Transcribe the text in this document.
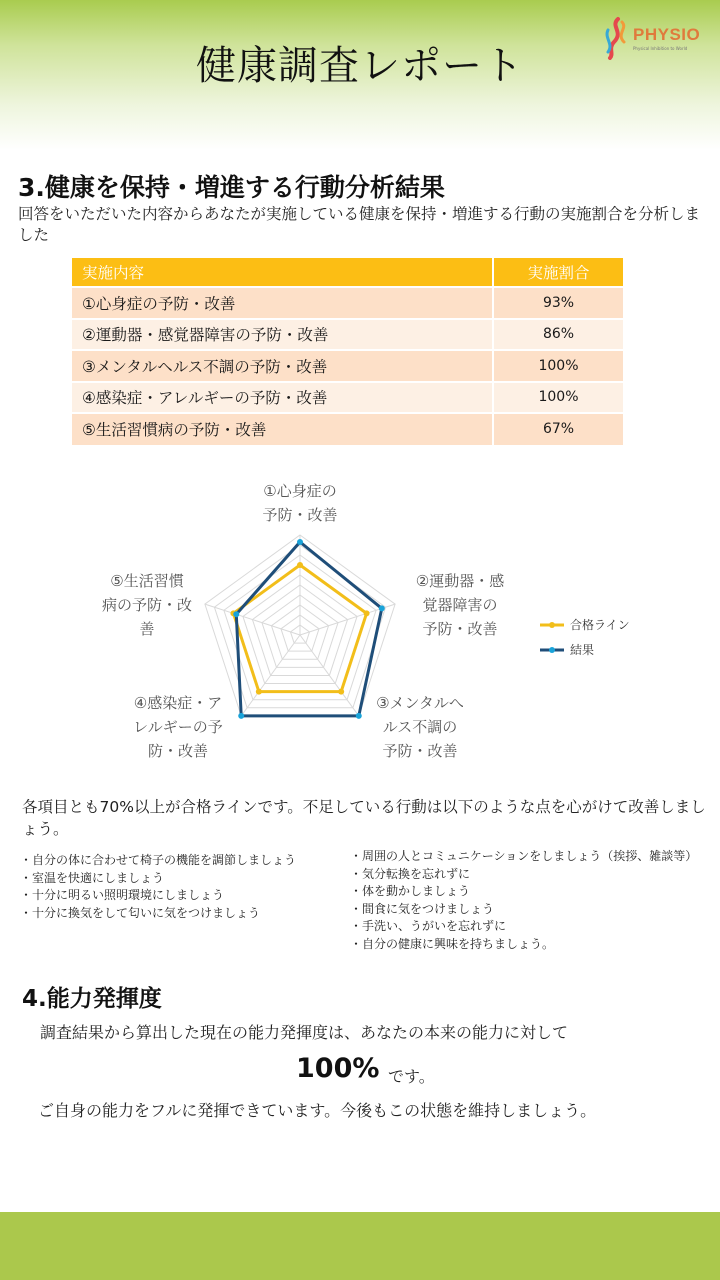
健康調査レポート
PHYSIO
Physical Inhibition to World
3.健康を保持・増進する行動分析結果

回答をいただいた内容からあなたが実施している健康を保持・増進する行動の実施割合を分析しました

実施内容	実施割合
①心身症の予防・改善	93%
②運動器・感覚器障害の予防・改善	86%
③メンタルヘルス不調の予防・改善	100%
④感染症・アレルギーの予防・改善	100%
⑤生活習慣病の予防・改善	67%
①心身症の予防・改善
②運動器・感覚器障害の予防・改善
③メンタルへルス不調の予防・改善
④感染症・アレルギーの予防・改善
⑤生活習慣病の予防・改善	合格ライン
結果

各項目とも70%以上が合格ラインです。不足している行動は以下のような点を心がけて改善しましょう。

・自分の体に合わせて椅子の機能を調節しましょう
・室温を快適にしましょう
・十分に明るい照明環境にしましょう
・十分に換気をして匂いに気をつけましょう
・周囲の人とコミュニケーションをしましょう（挨拶、雑談等）
・気分転換を忘れずに
・体を動かしましょう
・間食に気をつけましょう
・手洗い、うがいを忘れずに
・自分の健康に興味を持ちましょう。
4.能力発揮度

調査結果から算出した現在の能力発揮度は、あなたの本来の能力に対して

100% です。

ご自身の能力をフルに発揮できています。今後もこの状態を維持しましょう。
